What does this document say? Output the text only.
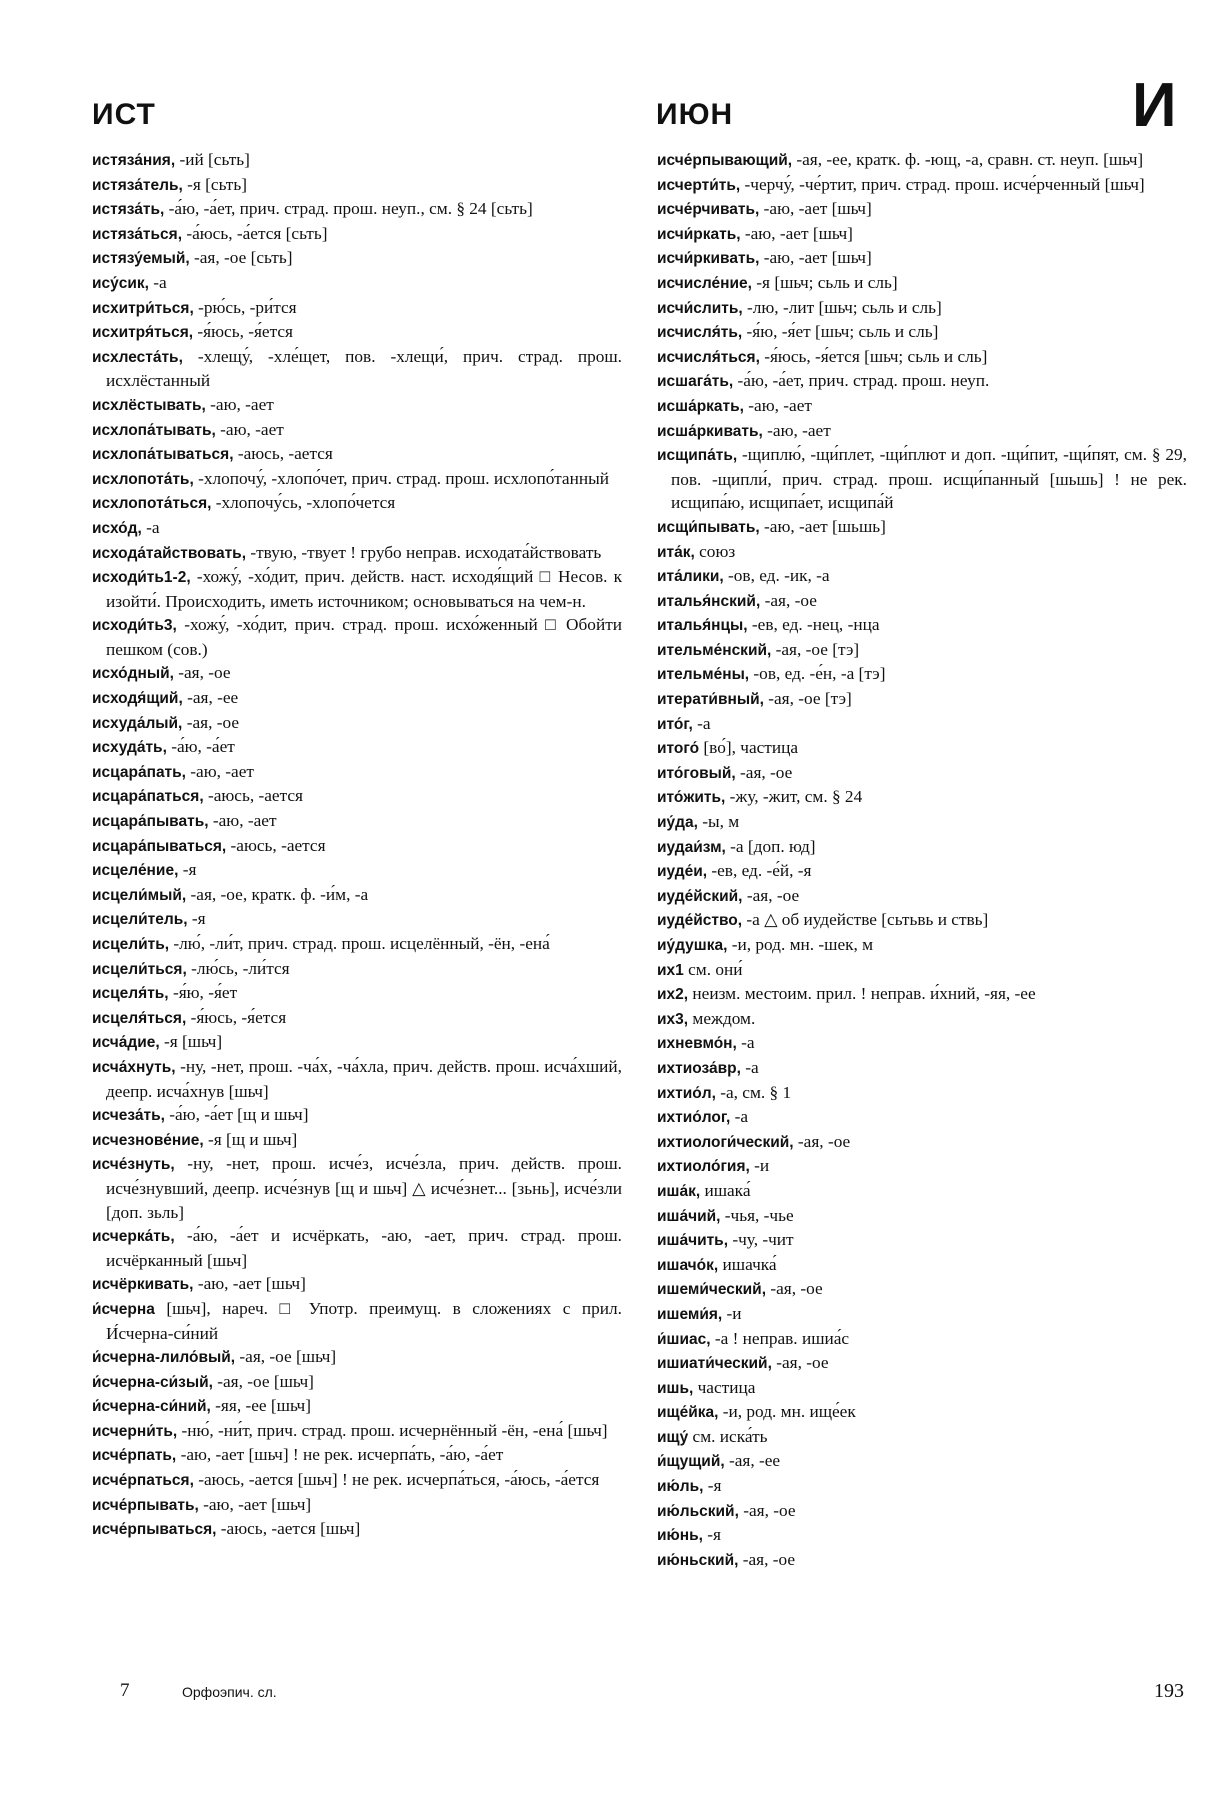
ИСТ	ИЮН	И
истяза́ния, -ий [сьть]
истяза́тель, -я [сьть]
истяза́ть, -а́ю, -а́ет, прич. страд. прош. неуп., см. § 24 [сьть]
истяза́ться, -а́юсь, -а́ется [сьть]
истязу́емый, -ая, -ое [сьть]
ису́сик, -а
исхитри́ться, -рю́сь, -ри́тся
исхитря́ться, -я́юсь, -я́ется
исхлеста́ть, -хлещу́, -хле́щет, пов. -хлещи́, прич. страд. прош. исхлёстанный
исхлёстывать, -аю, -ает
исхлопа́тывать, -аю, -ает
исхлопа́тываться, -аюсь, -ается
исхлопота́ть, -хлопочу́, -хлопо́чет, прич. страд. прош. исхлопо́танный
исхлопота́ться, -хлопочу́сь, -хлопо́чется
исхо́д, -а
исхода́тайствовать, -твую, -твует ! грубо неправ. исходата́йствовать
исходи́ть1-2, -хожу́, -хо́дит, прич. действ. наст. исходя́щий □ Несов. к изойти́. Происходить, иметь источником; основываться на чем-н.
исходи́ть3, -хожу́, -хо́дит, прич. страд. прош. исхо́женный □ Обойти пешком (сов.)
исхо́дный, -ая, -ое
исходя́щий, -ая, -ее
исхуда́лый, -ая, -ое
исхуда́ть, -а́ю, -а́ет
исцара́пать, -аю, -ает
исцара́паться, -аюсь, -ается
исцара́пывать, -аю, -ает
исцара́пываться, -аюсь, -ается
исцеле́ние, -я
исцели́мый, -ая, -ое, кратк. ф. -и́м, -а
исцели́тель, -я
исцели́ть, -лю́, -ли́т, прич. страд. прош. исцелённый, -ён, -ена́
исцели́ться, -лю́сь, -ли́тся
исцеля́ть, -я́ю, -я́ет
исцеля́ться, -я́юсь, -я́ется
исча́дие, -я [шьч]
исча́хнуть, -ну, -нет, прош. -ча́х, -ча́хла, прич. действ. прош. исча́хший, деепр. исча́хнув [шьч]
исчеза́ть, -а́ю, -а́ет [щ и шьч]
исчезнове́ние, -я [щ и шьч]
исче́знуть, -ну, -нет, прош. исче́з, исче́зла, прич. действ. прош. исче́знувший, деепр. исче́знув [щ и шьч] △ исче́знет... [зьнь], исче́зли [доп. зьль]
исчерка́ть, -а́ю, -а́ет и исчёркать, -аю, -ает, прич. страд. прош. исчёрканный [шьч]
исчёркивать, -аю, -ает [шьч]
и́счерна [шьч], нареч. □ Употр. преимущ. в сложениях с прил. И́счерна-си́ний
и́счерна-лило́вый, -ая, -ое [шьч]
и́счерна-си́зый, -ая, -ое [шьч]
и́счерна-си́ний, -яя, -ее [шьч]
исчерни́ть, -ню́, -ни́т, прич. страд. прош. исчернённый -ён, -ена́ [шьч]
исче́рпать, -аю, -ает [шьч] ! не рек. исчерпа́ть, -а́ю, -а́ет
исче́рпаться, -аюсь, -ается [шьч] ! не рек. исчерпа́ться, -а́юсь, -а́ется
исче́рпывать, -аю, -ает [шьч]
исче́рпываться, -аюсь, -ается [шьч]
исче́рпывающий, -ая, -ее, кратк. ф. -ющ, -а, сравн. ст. неуп. [шьч]
исчерти́ть, -черчу́, -че́ртит, прич. страд. прош. исче́рченный [шьч]
исче́рчивать, -аю, -ает [шьч]
исчи́ркать, -аю, -ает [шьч]
исчи́ркивать, -аю, -ает [шьч]
исчисле́ние, -я [шьч; сьль и сль]
исчи́слить, -лю, -лит [шьч; сьль и сль]
исчисля́ть, -я́ю, -я́ет [шьч; сьль и сль]
исчисля́ться, -я́юсь, -я́ется [шьч; сьль и сль]
исшага́ть, -а́ю, -а́ет, прич. страд. прош. неуп.
исша́ркать, -аю, -ает
исша́ркивать, -аю, -ает
исщипа́ть, -щиплю́, -щи́плет, -щи́плют и доп. -щи́пит, -щи́пят, см. § 29, пов. -щипли́, прич. страд. прош. исщи́панный [шьшь] ! не рек. исщипа́ю, исщипа́ет, исщипа́й
исщи́пывать, -аю, -ает [шьшь]
ита́к, союз
ита́лики, -ов, ед. -ик, -а
италья́нский, -ая, -ое
италья́нцы, -ев, ед. -нец, -нца
ительме́нский, -ая, -ое [тэ]
ительме́ны, -ов, ед. -е́н, -а [тэ]
итерати́вный, -ая, -ое [тэ]
ито́г, -а
итого́ [во́], частица
ито́говый, -ая, -ое
ито́жить, -жу, -жит, см. § 24
иу́да, -ы, м
иудаи́зм, -а [доп. юд]
иуде́и, -ев, ед. -е́й, -я
иуде́йский, -ая, -ое
иуде́йство, -а △ об иудействе [сьтьвь и ствь]
иу́душка, -и, род. мн. -шек, м
их1 см. они́
их2, неизм. местоим. прил. ! неправ. и́хний, -яя, -ее
их3, междом.
ихневмо́н, -а
ихтиоза́вр, -а
ихтио́л, -а, см. § 1
ихтио́лог, -а
ихтиологи́ческий, -ая, -ое
ихтиоло́гия, -и
иша́к, ишака́
иша́чий, -чья, -чье
иша́чить, -чу, -чит
ишачо́к, ишачка́
ишеми́ческий, -ая, -ое
ишеми́я, -и
и́шиас, -а ! неправ. ишиа́с
ишиати́ческий, -ая, -ое
ишь, частица
ище́йка, -и, род. мн. ище́ек
ищу́ см. иска́ть
и́щущий, -ая, -ее
ию́ль, -я
ию́льский, -ая, -ое
ию́нь, -я
ию́ньский, -ая, -ое
7	Орфоэпич. сл.	193
